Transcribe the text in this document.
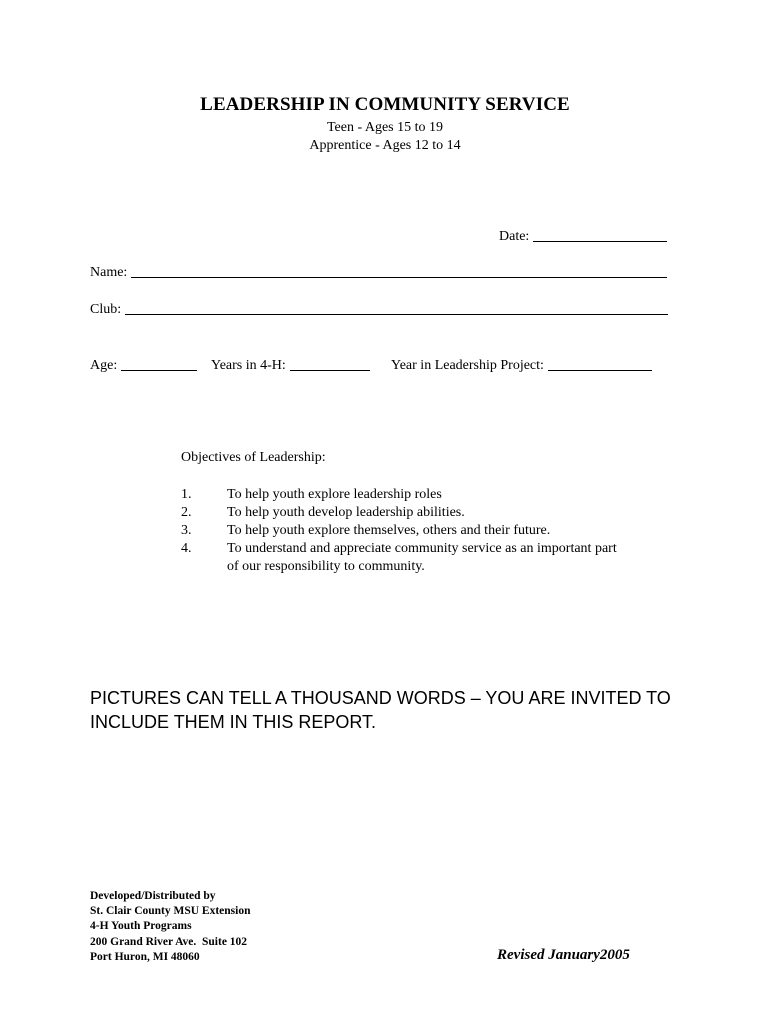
LEADERSHIP IN COMMUNITY SERVICE
Teen - Ages 15 to 19
Apprentice - Ages 12 to 14
Date:
Name:
Club:
Age:	Years in 4-H:	Year in Leadership Project:
Objectives of Leadership:
1.	To help youth explore leadership roles
2.	To help youth develop leadership abilities.
3.	To help youth explore themselves, others and their future.
4.	To understand and appreciate community service as an important part of our responsibility to community.
PICTURES CAN TELL A THOUSAND WORDS – YOU ARE INVITED TO INCLUDE THEM IN THIS REPORT.
Developed/Distributed by
St. Clair County MSU Extension
4-H Youth Programs
200 Grand River Ave.  Suite 102
Port Huron, MI 48060	Revised January2005
